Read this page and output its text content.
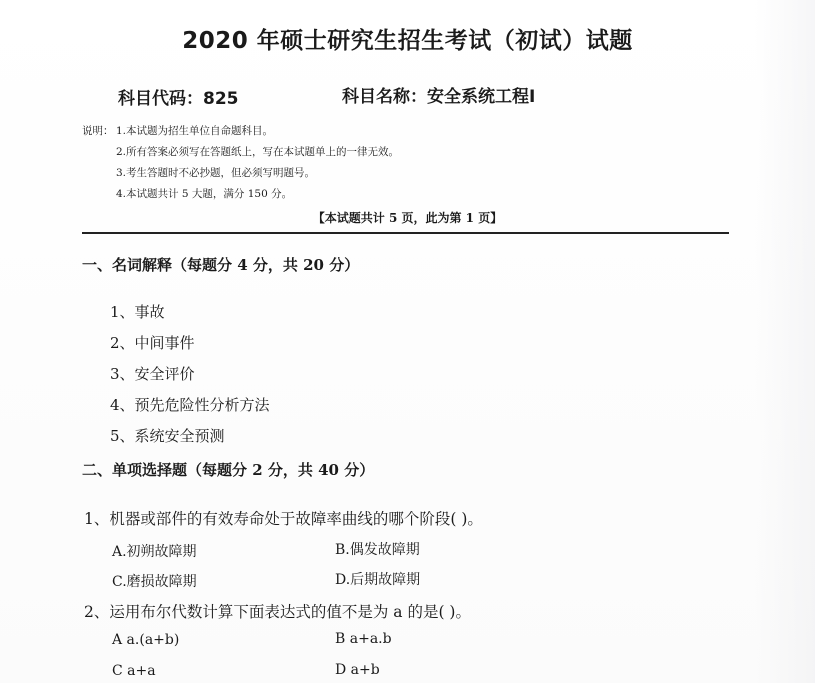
2020 年硕士研究生招生考试（初试）试题
科目代码：825	科目名称：安全系统工程Ⅰ
说明： 1.本试题为招生单位自命题科目。
2.所有答案必须写在答题纸上，写在本试题单上的一律无效。
3.考生答题时不必抄题，但必须写明题号。
4.本试题共计 5 大题，满分 150 分。
【本试题共计 5 页，此为第 1 页】
一、名词解释（每题分 4 分，共 20 分）
1、事故
2、中间事件
3、安全评价
4、预先危险性分析方法
5、系统安全预测
二、单项选择题（每题分 2 分，共 40 分）
1、机器或部件的有效寿命处于故障率曲线的哪个阶段( )。
A.初朔故障期	B.偶发故障期
C.磨损故障期	D.后期故障期
2、运用布尔代数计算下面表达式的值不是为 a 的是( )。
A a.(a+b)	B a+a.b
C a+a	D a+b
